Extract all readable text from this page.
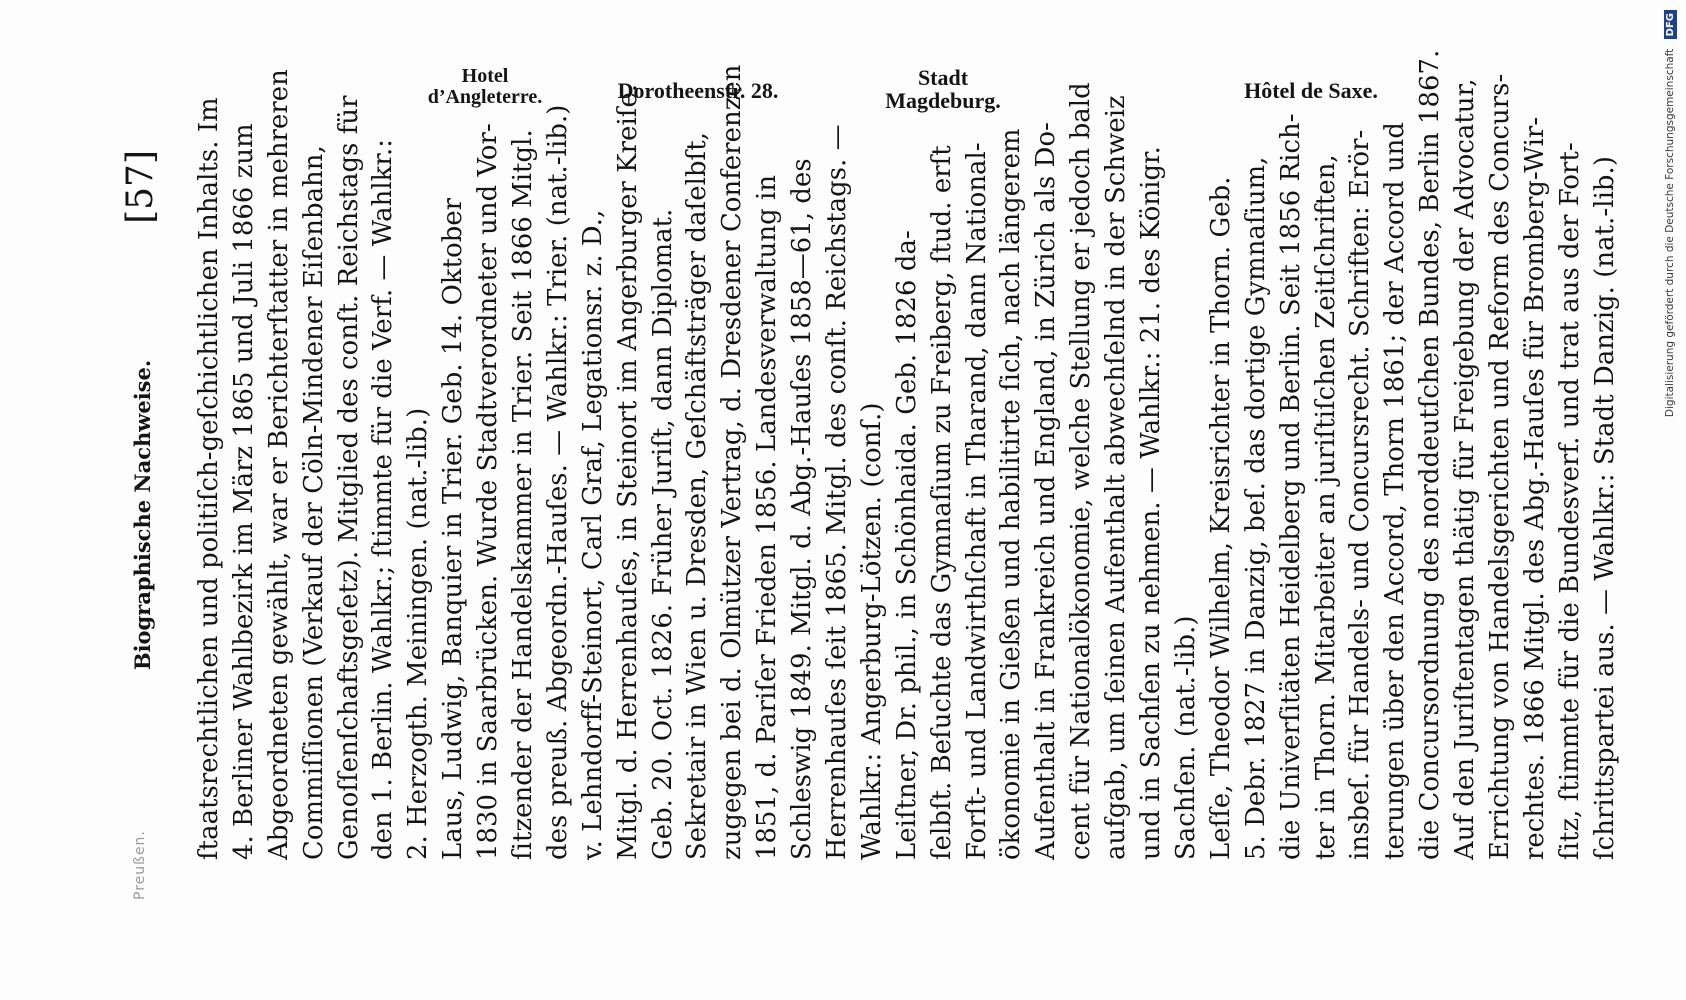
Hotel d’Angleterre.	Dorotheenstr. 28.
Stadt Magdeburg.	Hôtel de Saxe.
Preußen.
Biographische Nachweise.
[57] ſtaatsrechtlichen und politiſch-geſchichtlichen Inhalts. Im 4. Berliner Wahlbezirk im März 1865 und Juli 1866 zum Abgeordneten gewählt, war er Berichterſtatter in mehreren Commiſſionen (Verkauf der Cöln-Mindener Eiſenbahn, Genoſſenſchaftsgeſetz). Mitglied des conſt. Reichstags für den 1. Berlin. Wahlkr.; ſtimmte für die Verf. — Wahlkr.: 2. Herzogth. Meiningen. (nat.-lib.) Laus, Ludwig, Banquier in Trier. Geb. 14. Oktober 1830 in Saarbrücken. Wurde Stadtverordneter und Vor- ſitzender der Handelskammer in Trier. Seit 1866 Mitgl. des preuß. Abgeordn.-Hauſes. — Wahlkr.: Trier. (nat.-lib.) v. Lehndorff-Steinort, Carl Graf, Legationsr. z. D., Mitgl. d. Herrenhauſes, in Steinort im Angerburger Kreiſe. Geb. 20. Oct. 1826. Früher Juriſt, dann Diplomat. Sekretair in Wien u. Dresden, Geſchäftsträger daſelbſt, zugegen bei d. Olmützer Vertrag, d. Dresdener Conferenzen 1851, d. Pariſer Frieden 1856. Landesverwaltung in Schleswig 1849. Mitgl. d. Abg.-Hauſes 1858—61, des Herrenhauſes ſeit 1865. Mitgl. des conſt. Reichstags. — Wahlkr.: Angerburg-Lötzen. (conſ.) Leiſtner, Dr. phil., in Schönhaida. Geb. 1826 da- ſelbſt. Beſuchte das Gymnaſium zu Freiberg, ſtud. erſt Forſt- und Landwirthſchaft in Tharand, dann National- ökonomie in Gießen und habilitirte ſich, nach längerem Aufenthalt in Frankreich und England, in Zürich als Do- cent für Nationalökonomie, welche Stellung er jedoch bald aufgab, um ſeinen Aufenthalt abwechſelnd in der Schweiz und in Sachſen zu nehmen. — Wahlkr.: 21. des Königr. Sachſen. (nat.-lib.) Leſſe, Theodor Wilhelm, Kreisrichter in Thorn. Geb. 5. Debr. 1827 in Danzig, beſ. das dortige Gymnaſium, die Univerſitäten Heidelberg und Berlin. Seit 1856 Rich- ter in Thorn. Mitarbeiter an juriſtiſchen Zeitſchriften, insbeſ. für Handels- und Concursrecht. Schriften: Erör- terungen über den Accord, Thorn 1861; der Accord und die Concursordnung des norddeutſchen Bundes, Berlin 1867. Auf den Juriſtentagen thätig für Freigebung der Advocatur, Errichtung von Handelsgerichten und Reform des Concurs- rechtes. 1866 Mitgl. des Abg.-Hauſes für Bromberg-Wir- ſitz, ſtimmte für die Bundesverf. und trat aus der Fort- ſchrittspartei aus. — Wahlkr.: Stadt Danzig. (nat.-lib.)	Digitalisierung gefördert durch die Deutsche Forschungsgemeinschaft DFG
